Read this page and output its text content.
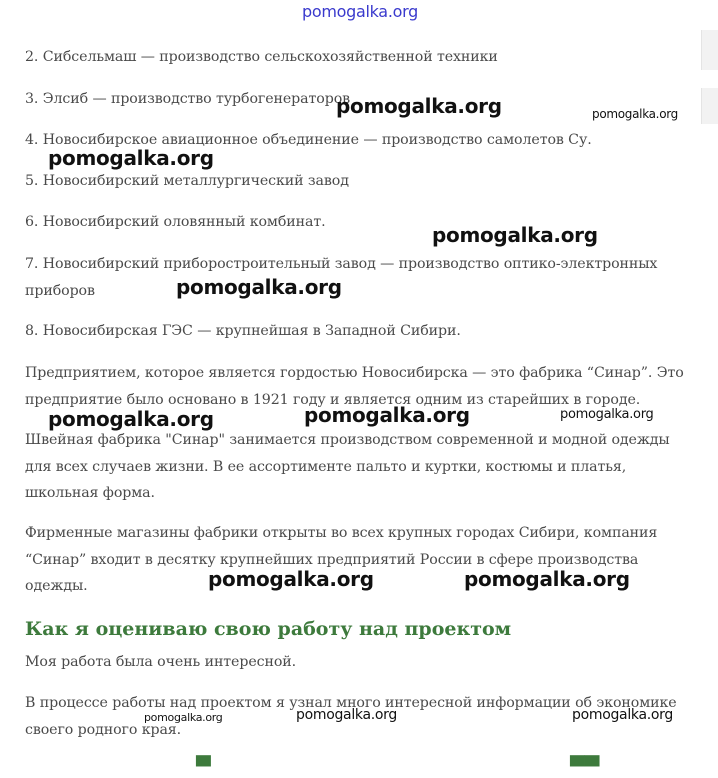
2. Сибсельмаш — производство сельскохозяйственной техники

3. Элсиб — производство турбогенераторов

4. Новосибирское авиационное объединение — производство самолетов Су.

5. Новосибирский металлургический завод

6. Новосибирский оловянный комбинат.

7. Новосибирский приборостроительный завод — производство оптико-электронных приборов

8. Новосибирская ГЭС — крупнейшая в Западной Сибири.

Предприятием, которое является гордостью Новосибирска — это фабрика “Синар”. Это предприятие было основано в 1921 году и является одним из старейших в городе.

Швейная фабрика "Синар" занимается производством современной и модной одежды для всех случаев жизни. В ее ассортименте пальто и куртки, костюмы и платья, школьная форма.

Фирменные магазины фабрики открыты во всех крупных городах Сибири, компания “Синар” входит в десятку крупнейших предприятий России в сфере производства одежды.

Как я оцениваю свою работу над проектом

Моя работа была очень интересной.

В процессе работы над проектом я узнал много интересной информации об экономике своего родного края.

▀	▀▀
pomogalka.org
pomogalka.org	pomogalka.org
pomogalka.org
pomogalka.org
pomogalka.org
pomogalka.org	pomogalka.org	pomogalka.org
pomogalka.org	pomogalka.org
pomogalka.org	pomogalka.org	pomogalka.org
